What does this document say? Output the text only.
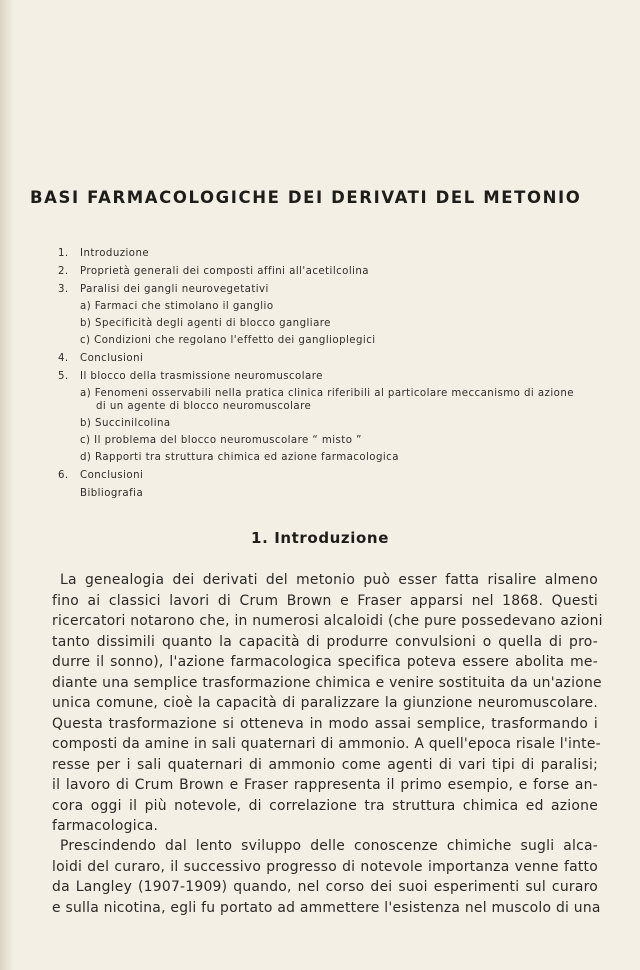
BASI FARMACOLOGICHE DEI DERIVATI DEL METONIO
1.	Introduzione
2.	Proprietà generali dei composti affini all'acetilcolina
3.	Paralisi dei gangli neurovegetativi
a) Farmaci che stimolano il ganglio
b) Specificità degli agenti di blocco gangliare
c) Condizioni che regolano l'effetto dei ganglioplegici
4.	Conclusioni
5.	Il blocco della trasmissione neuromuscolare
a) Fenomeni osservabili nella pratica clinica riferibili al particolare meccanismo di azione
di un agente di blocco neuromuscolare
b) Succinilcolina
c) Il problema del blocco neuromuscolare “ misto ”
d) Rapporti tra struttura chimica ed azione farmacologica
6.	Conclusioni
Bibliografia
1. Introduzione
La genealogia dei derivati del metonio può esser fatta risalire almeno
fino ai classici lavori di Crum Brown e Fraser apparsi nel 1868. Questi
ricercatori notarono che, in numerosi alcaloidi (che pure possedevano azioni
tanto dissimili quanto la capacità di produrre convulsioni o quella di pro-
durre il sonno), l'azione farmacologica specifica poteva essere abolita me-
diante una semplice trasformazione chimica e venire sostituita da un'azione
unica comune, cioè la capacità di paralizzare la giunzione neuromuscolare.
Questa trasformazione si otteneva in modo assai semplice, trasformando i
composti da amine in sali quaternari di ammonio. A quell'epoca risale l'inte-
resse per i sali quaternari di ammonio come agenti di vari tipi di paralisi;
il lavoro di Crum Brown e Fraser rappresenta il primo esempio, e forse an-
cora oggi il più notevole, di correlazione tra struttura chimica ed azione
farmacologica.
Prescindendo dal lento sviluppo delle conoscenze chimiche sugli alca-
loidi del curaro, il successivo progresso di notevole importanza venne fatto
da Langley (1907-1909) quando, nel corso dei suoi esperimenti sul curaro
e sulla nicotina, egli fu portato ad ammettere l'esistenza nel muscolo di una
